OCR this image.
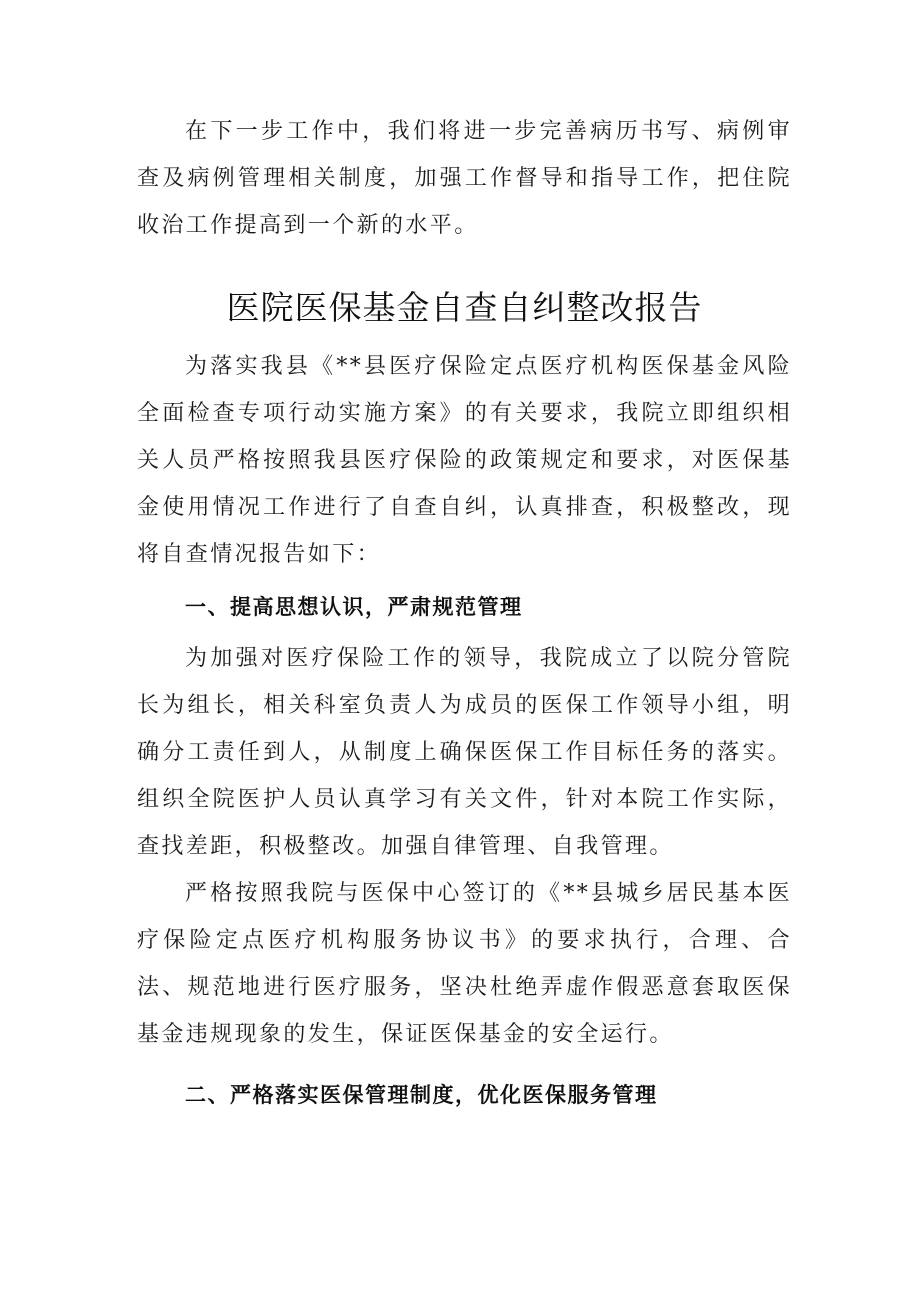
在下一步工作中，我们将进一步完善病历书写、病例审查及病例管理相关制度，加强工作督导和指导工作，把住院收治工作提高到一个新的水平。

医院医保基金自查自纠整改报告

为落实我县《**县医疗保险定点医疗机构医保基金风险全面检查专项行动实施方案》的有关要求，我院立即组织相关人员严格按照我县医疗保险的政策规定和要求，对医保基金使用情况工作进行了自查自纠，认真排查，积极整改，现将自查情况报告如下：

一、提高思想认识，严肃规范管理

为加强对医疗保险工作的领导，我院成立了以院分管院长为组长，相关科室负责人为成员的医保工作领导小组，明确分工责任到人，从制度上确保医保工作目标任务的落实。组织全院医护人员认真学习有关文件，针对本院工作实际，查找差距，积极整改。加强自律管理、自我管理。

严格按照我院与医保中心签订的《**县城乡居民基本医疗保险定点医疗机构服务协议书》的要求执行，合理、合法、规范地进行医疗服务，坚决杜绝弄虚作假恶意套取医保基金违规现象的发生，保证医保基金的安全运行。

二、严格落实医保管理制度，优化医保服务管理
